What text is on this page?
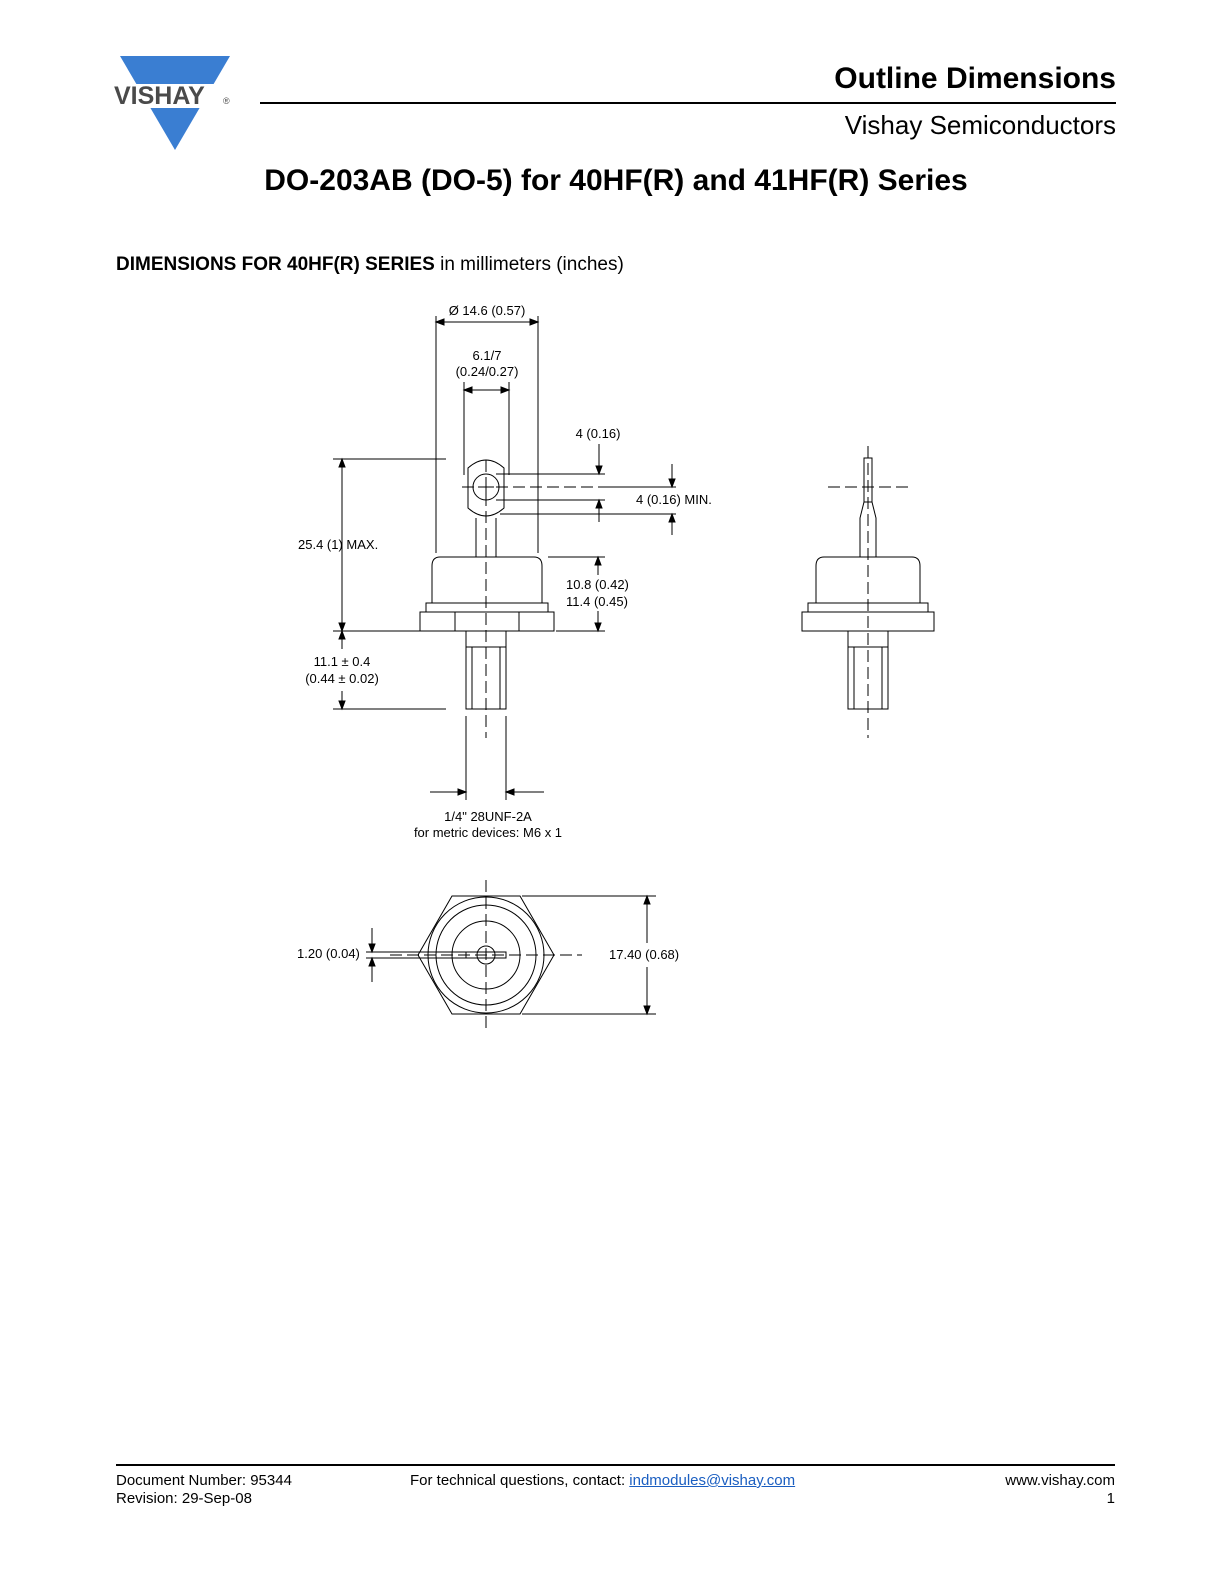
VISHAY ®
Outline Dimensions
Vishay Semiconductors
DO-203AB (DO-5) for 40HF(R) and 41HF(R) Series
DIMENSIONS FOR 40HF(R) SERIES in millimeters (inches)
Ø 14.6 (0.57)
6.1/7
(0.24/0.27)
4 (0.16)
4 (0.16) MIN.
25.4 (1) MAX.
10.8 (0.42)
11.4 (0.45)
11.1 ± 0.4
(0.44 ± 0.02)
1/4" 28UNF-2A
for metric devices: M6 x 1
1.20 (0.04)	17.40 (0.68)
Document Number: 95344
Revision: 29-Sep-08
For technical questions, contact: indmodules@vishay.com	www.vishay.com
1
